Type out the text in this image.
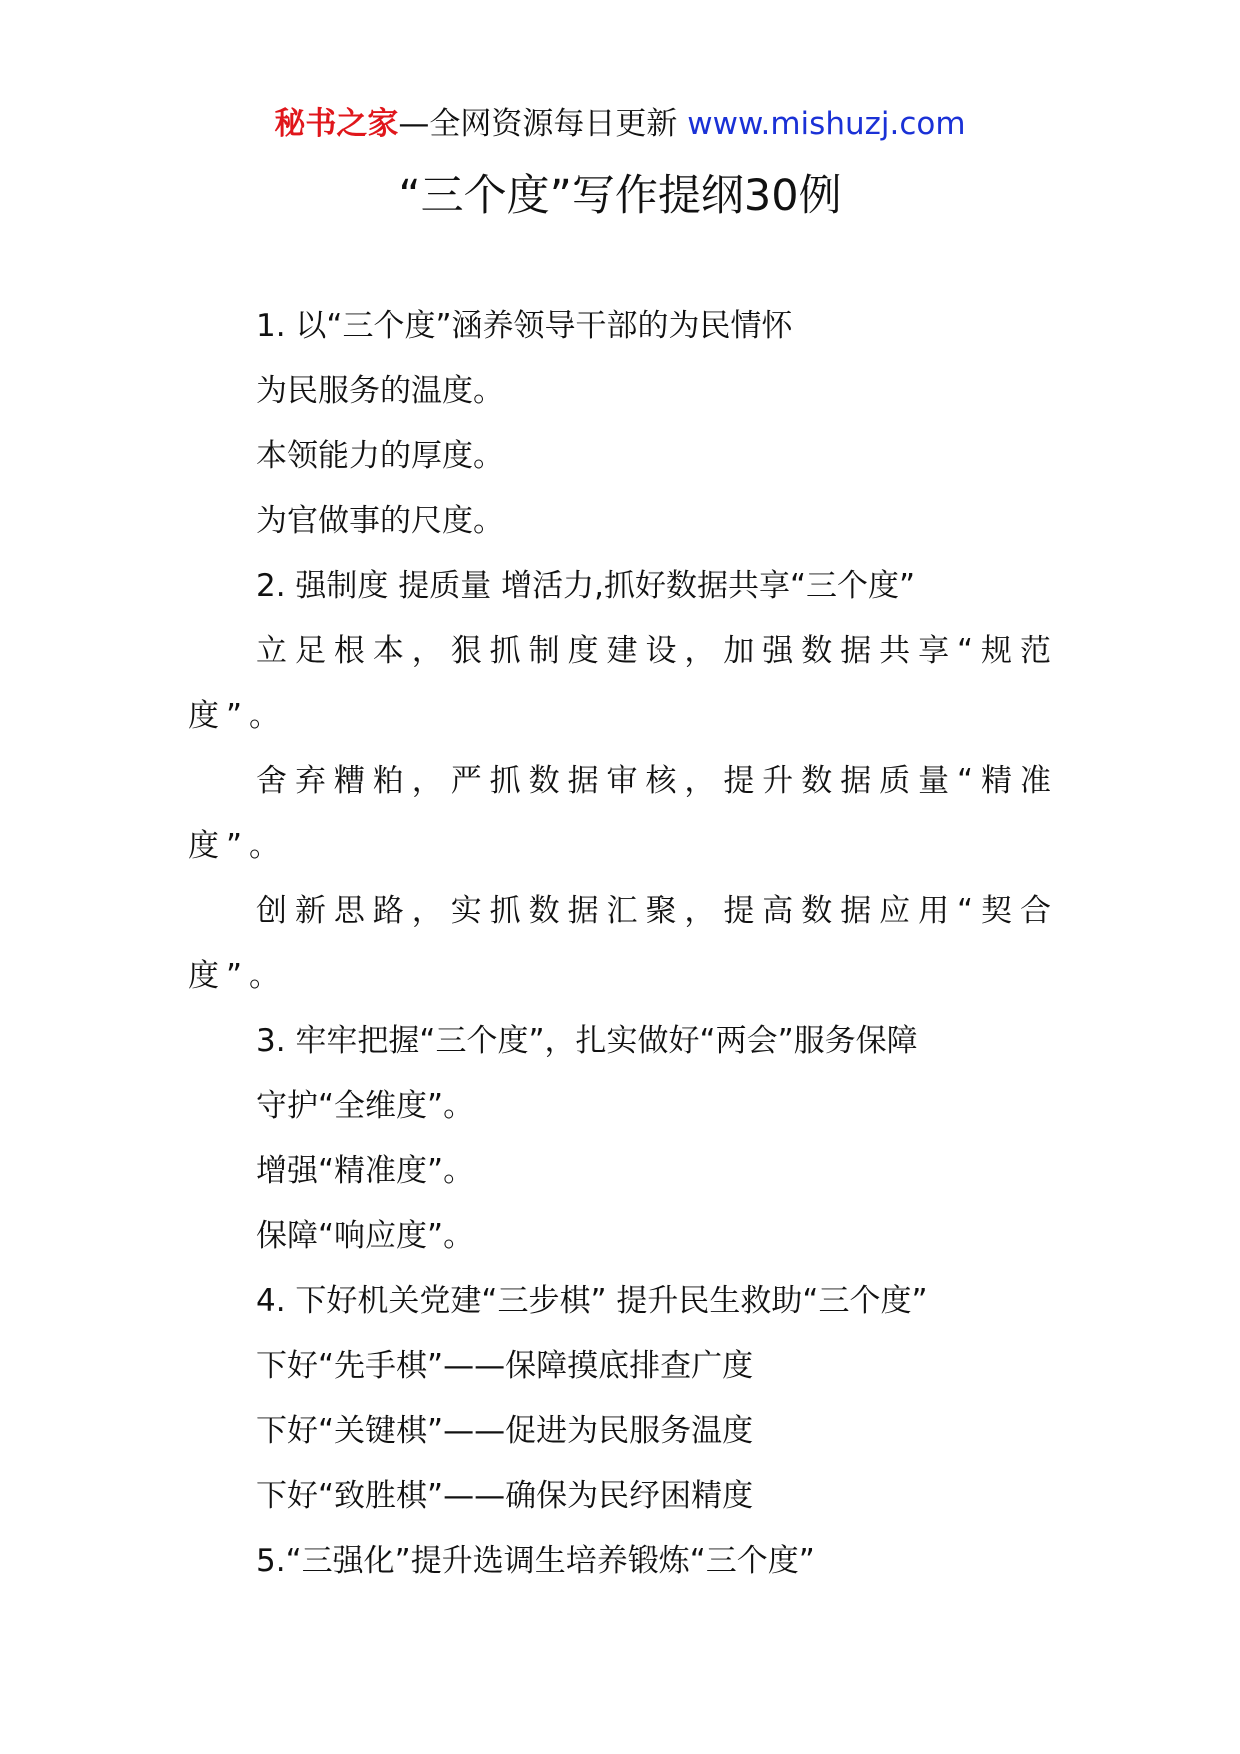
秘书之家—全网资源每日更新 www.mishuzj.com
“三个度”写作提纲30例

1. 以“三个度”涵养领导干部的为民情怀

为民服务的温度。

本领能力的厚度。

为官做事的尺度。

2. 强制度 提质量 增活力,抓好数据共享“三个度”

立足根本，狠抓制度建设，加强数据共享“规范度”。

舍弃糟粕，严抓数据审核，提升数据质量“精准度”。

创新思路，实抓数据汇聚，提高数据应用“契合度”。

3. 牢牢把握“三个度”，扎实做好“两会”服务保障

守护“全维度”。

增强“精准度”。

保障“响应度”。

4. 下好机关党建“三步棋” 提升民生救助“三个度”

下好“先手棋”——保障摸底排查广度

下好“关键棋”——促进为民服务温度

下好“致胜棋”——确保为民纾困精度

5.“三强化”提升选调生培养锻炼“三个度”
